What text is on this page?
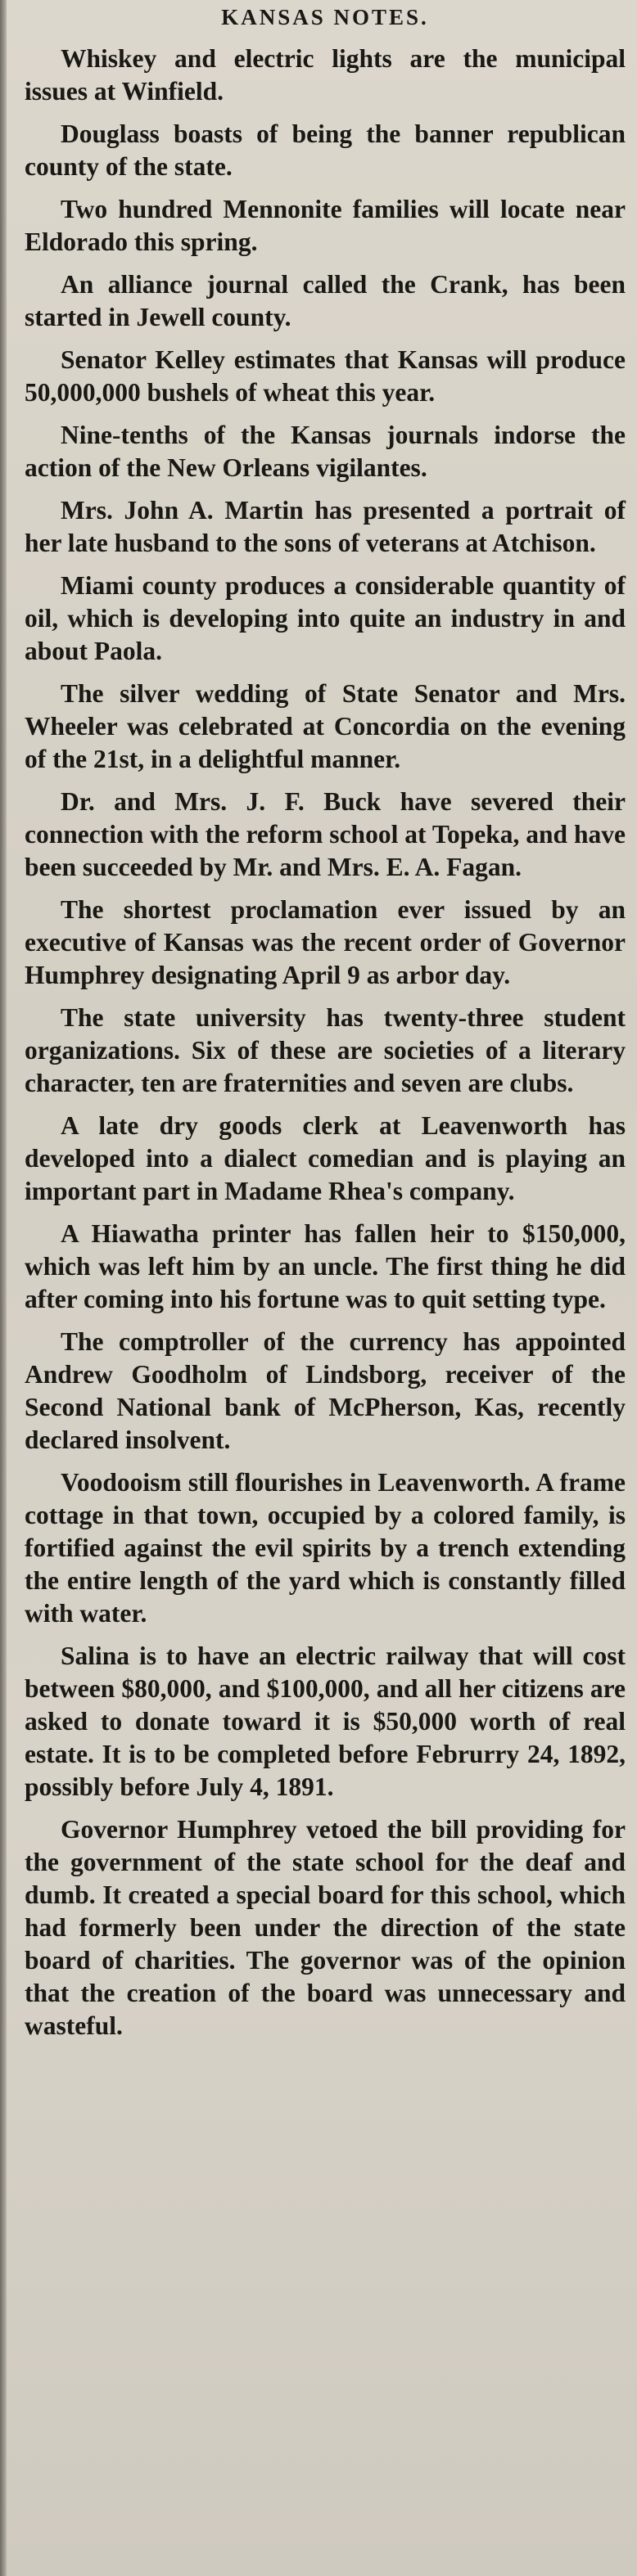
KANSAS NOTES.

Whiskey and electric lights are the municipal issues at Winfield.

Douglass boasts of being the banner republican county of the state.

Two hundred Mennonite families will locate near Eldorado this spring.

An alliance journal called the Crank, has been started in Jewell county.

Senator Kelley estimates that Kansas will produce 50,000,000 bushels of wheat this year.

Nine-tenths of the Kansas journals indorse the action of the New Orleans vigilantes.

Mrs. John A. Martin has presented a portrait of her late husband to the sons of veterans at Atchison.

Miami county produces a considerable quantity of oil, which is developing into quite an industry in and about Paola.

The silver wedding of State Senator and Mrs. Wheeler was celebrated at Concordia on the evening of the 21st, in a delightful manner.

Dr. and Mrs. J. F. Buck have severed their connection with the reform school at Topeka, and have been succeeded by Mr. and Mrs. E. A. Fagan.

The shortest proclamation ever issued by an executive of Kansas was the recent order of Governor Humphrey designating April 9 as arbor day.

The state university has twenty-three student organizations. Six of these are societies of a literary character, ten are fraternities and seven are clubs.

A late dry goods clerk at Leavenworth has developed into a dialect comedian and is playing an important part in Madame Rhea's company.

A Hiawatha printer has fallen heir to $150,000, which was left him by an uncle. The first thing he did after coming into his fortune was to quit setting type.

The comptroller of the currency has appointed Andrew Goodholm of Lindsborg, receiver of the Second National bank of McPherson, Kas, recently declared insolvent.

Voodooism still flourishes in Leavenworth. A frame cottage in that town, occupied by a colored family, is fortified against the evil spirits by a trench extending the entire length of the yard which is constantly filled with water.

Salina is to have an electric railway that will cost between $80,000, and $100,000, and all her citizens are asked to donate toward it is $50,000 worth of real estate. It is to be completed before Februrry 24, 1892, possibly before July 4, 1891.

Governor Humphrey vetoed the bill providing for the government of the state school for the deaf and dumb. It created a special board for this school, which had formerly been under the direction of the state board of charities. The governor was of the opinion that the creation of the board was unnecessary and wasteful.
